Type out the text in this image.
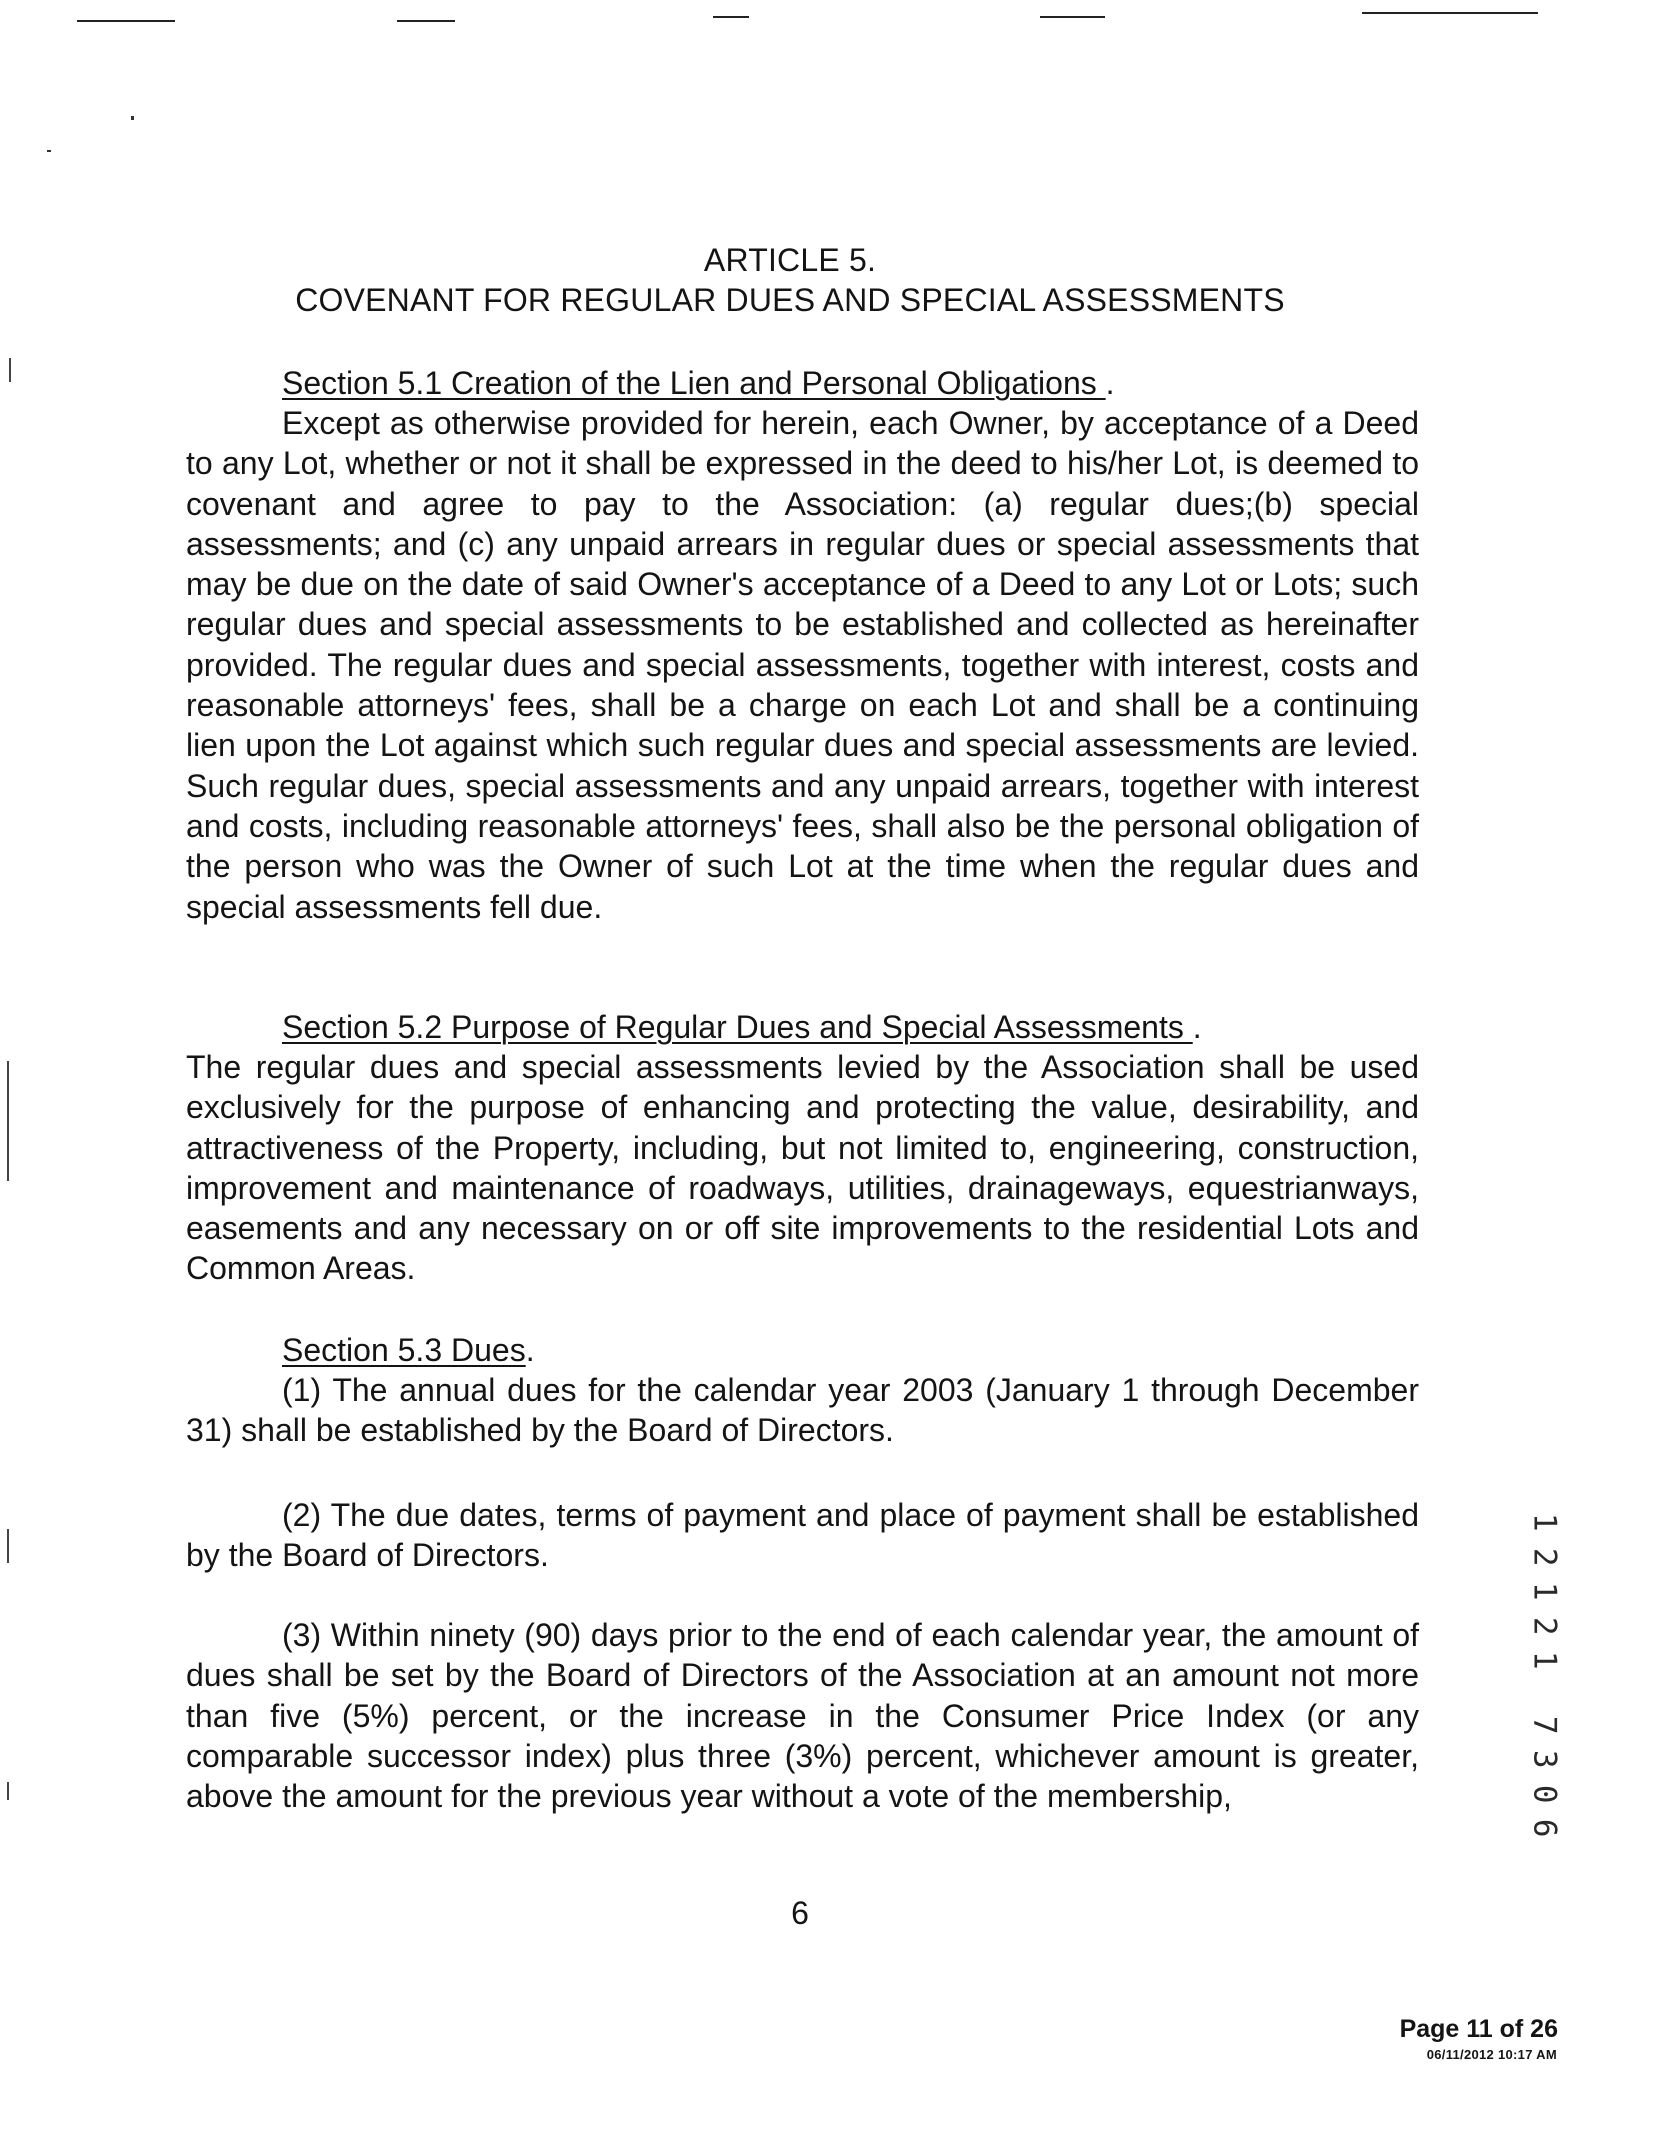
ARTICLE 5.
COVENANT FOR REGULAR DUES AND SPECIAL ASSESSMENTS
Section 5.1 Creation of the Lien and Personal Obligations .

Except as otherwise provided for herein, each Owner, by acceptance of a Deed to any Lot, whether or not it shall be expressed in the deed to his/her Lot, is deemed to covenant and agree to pay to the Association: (a) regular dues;(b) special assessments; and (c) any unpaid arrears in regular dues or special assessments that may be due on the date of said Owner's acceptance of a Deed to any Lot or Lots; such regular dues and special assessments to be established and collected as hereinafter provided. The regular dues and special assessments, together with interest, costs and reasonable attorneys' fees, shall be a charge on each Lot and shall be a continuing lien upon the Lot against which such regular dues and special assessments are levied. Such regular dues, special assessments and any unpaid arrears, together with interest and costs, including reasonable attorneys' fees, shall also be the personal obligation of the person who was the Owner of such Lot at the time when the regular dues and special assessments fell due.

Section 5.2 Purpose of Regular Dues and Special Assessments .

The regular dues and special assessments levied by the Association shall be used exclusively for the purpose of enhancing and protecting the value, desirability, and attractiveness of the Property, including, but not limited to, engineering, construction, improvement and maintenance of roadways, utilities, drainageways, equestrianways, easements and any necessary on or off site improvements to the residential Lots and Common Areas.

Section 5.3 Dues.

(1) The annual dues for the calendar year 2003 (January 1 through December 31) shall be established by the Board of Directors.

(2) The due dates, terms of payment and place of payment shall be established by the Board of Directors.

(3) Within ninety (90) days prior to the end of each calendar year, the amount of dues shall be set by the Board of Directors of the Association at an amount not more than five (5%) percent, or the increase in the Consumer Price Index (or any comparable successor index) plus three (3%) percent, whichever amount is greater, above the amount for the previous year without a vote of the membership,

6
1
2
1
2
1
7
3
0
6
Page 11 of 26
06/11/2012 10:17 AM
